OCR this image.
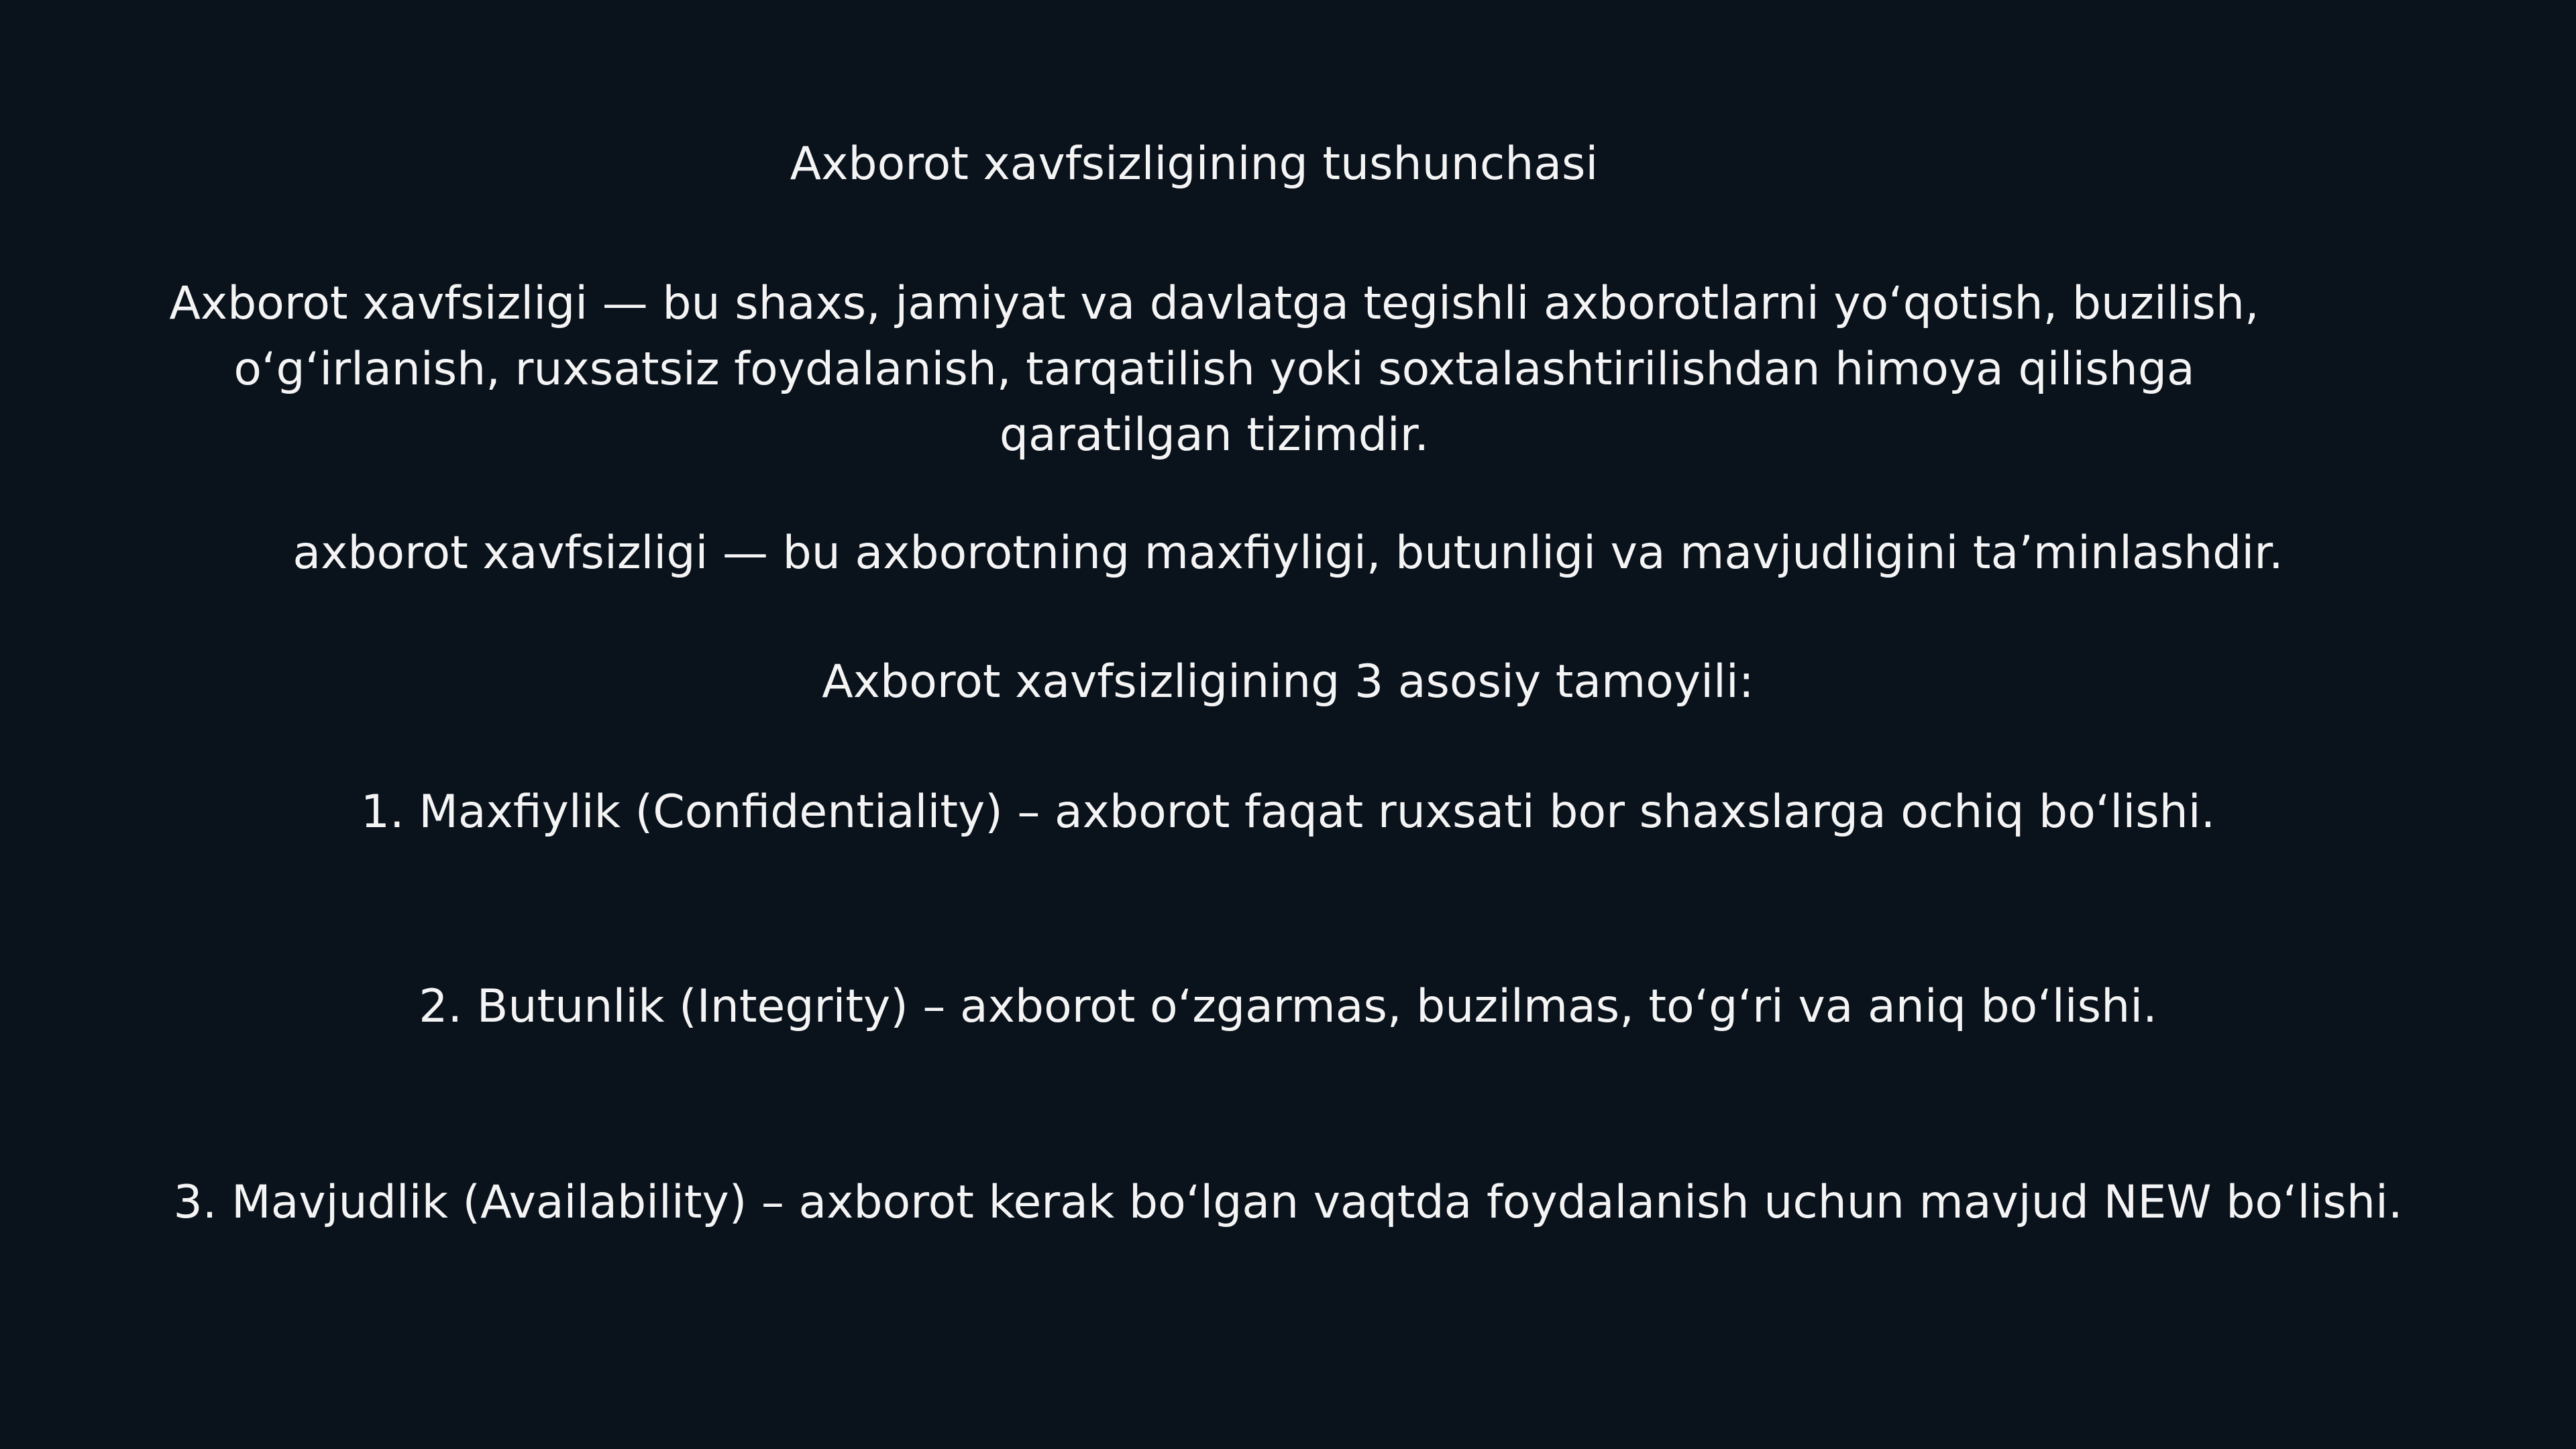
Axborot xavfsizligining tushunchasi

Axborot xavfsizligi — bu shaxs, jamiyat va davlatga tegishli axborotlarni yoʻqotish, buzilish, oʻgʻirlanish, ruxsatsiz foydalanish, tarqatilish yoki soxtalashtirilishdan himoya qilishga qaratilgan tizimdir.

axborot xavfsizligi — bu axborotning maxfiyligi, butunligi va mavjudligini ta’minlashdir.

Axborot xavfsizligining 3 asosiy tamoyili:

1. Maxfiylik (Confidentiality) – axborot faqat ruxsati bor shaxslarga ochiq boʻlishi.

2. Butunlik (Integrity) – axborot oʻzgarmas, buzilmas, toʻgʻri va aniq boʻlishi.

3. Mavjudlik (Availability) – axborot kerak boʻlgan vaqtda foydalanish uchun mavjud NEW boʻlishi.
